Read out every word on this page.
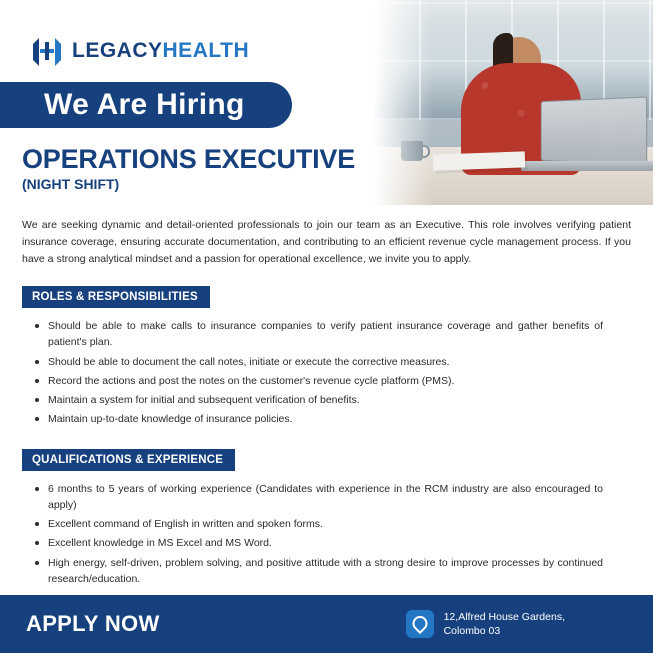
LEGACYHEALTH
We Are Hiring
OPERATIONS EXECUTIVE
(NIGHT SHIFT)
We are seeking dynamic and detail-oriented professionals to join our team as an Executive. This role involves verifying patient insurance coverage, ensuring accurate documentation, and contributing to an efficient revenue cycle management process. If you have a strong analytical mindset and a passion for operational excellence, we invite you to apply.
ROLES & RESPONSIBILITIES
Should be able to make calls to insurance companies to verify patient insurance coverage and gather benefits of patient's plan.
Should be able to document the call notes, initiate or execute the corrective measures.
Record the actions and post the notes on the customer's revenue cycle platform (PMS).
Maintain a system for initial and subsequent verification of benefits.
Maintain up-to-date knowledge of insurance policies.
QUALIFICATIONS & EXPERIENCE
6 months to 5 years of working experience (Candidates with experience in the RCM industry are also encouraged to apply)
Excellent command of English in written and spoken forms.
Excellent knowledge in MS Excel and MS Word.
High energy, self-driven, problem solving, and positive attitude with a strong desire to improve processes by continued research/education.
APPLY NOW	12,Alfred House Gardens,
Colombo 03
